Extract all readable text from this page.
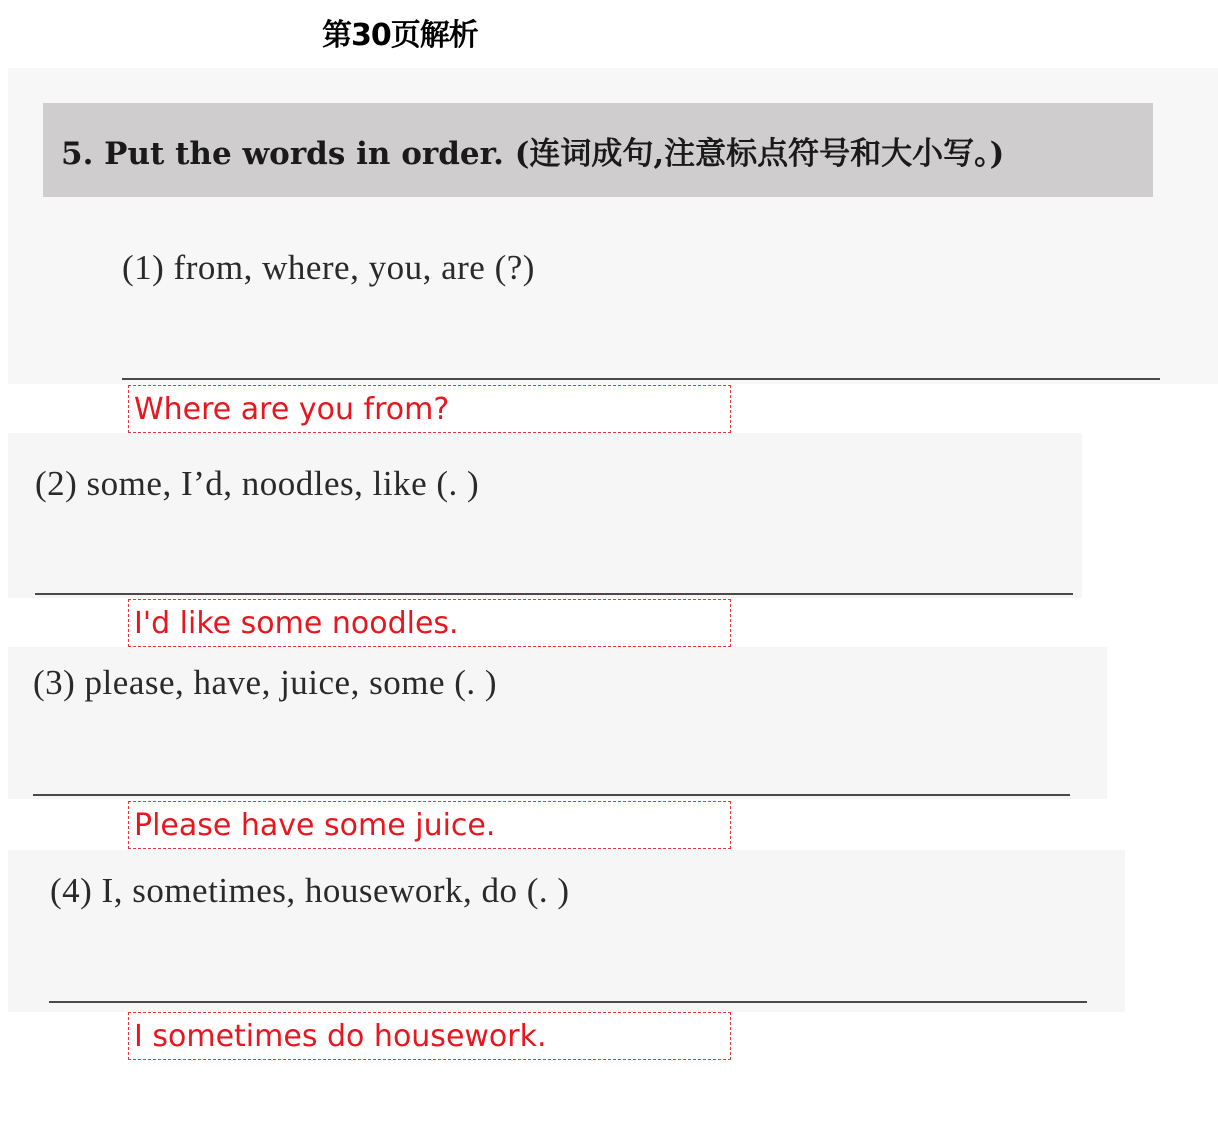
第30页解析
5. Put the words in order. (连词成句,注意标点符号和大小写。)
(1) from, where, you, are (?)
Where are you from?
(2) some, I’d, noodles, like (. )
I'd like some noodles.
(3) please, have, juice, some (. )
Please have some juice.
(4) I, sometimes, housework, do (. )
I sometimes do housework.
